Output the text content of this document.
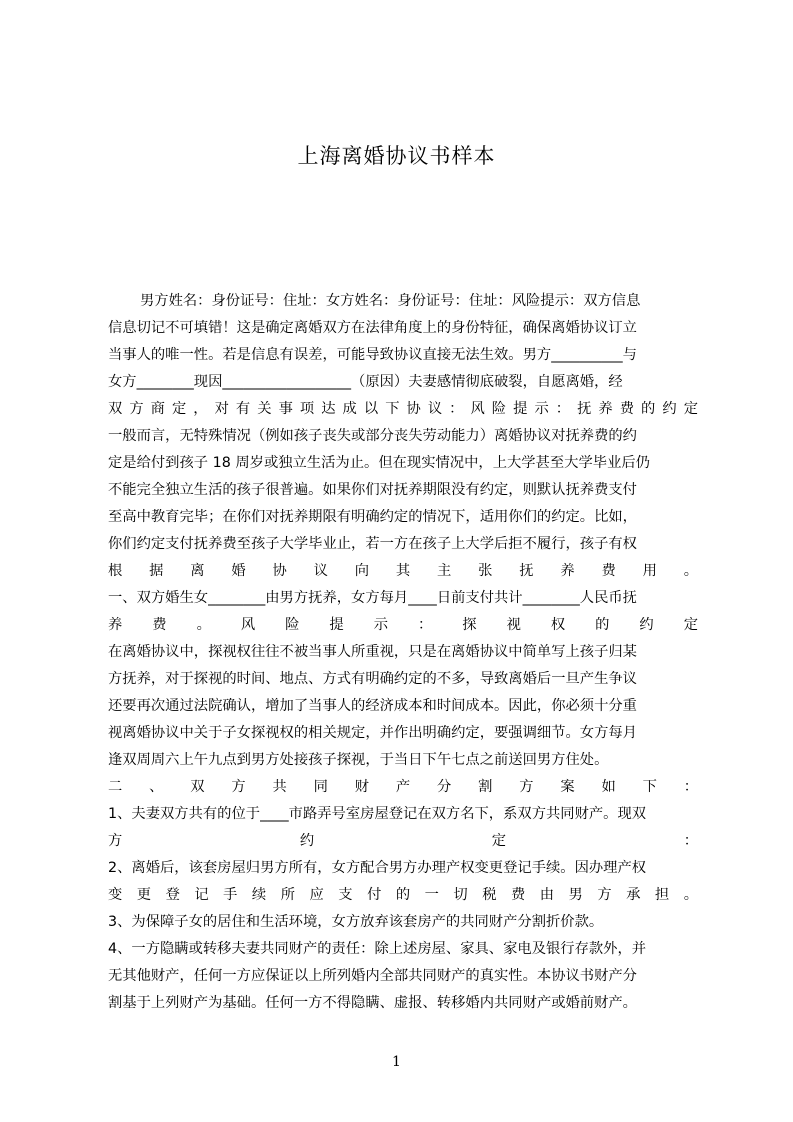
上海离婚协议书样本
男方姓名：身份证号：住址：女方姓名：身份证号：住址：风险提示：双方信息
信息切记不可填错！这是确定离婚双方在法律角度上的身份特征，确保离婚协议订立
当事人的唯一性。若是信息有误差，可能导致协议直接无法生效。男方__________与
女方________现因__________________（原因）夫妻感情彻底破裂，自愿离婚，经
双方商定，对有关事项达成以下协议：风险提示：抚养费的约定
一般而言，无特殊情况（例如孩子丧失或部分丧失劳动能力）离婚协议对抚养费的约
定是给付到孩子 18 周岁或独立生活为止。但在现实情况中，上大学甚至大学毕业后仍
不能完全独立生活的孩子很普遍。如果你们对抚养期限没有约定，则默认抚养费支付
至高中教育完毕；在你们对抚养期限有明确约定的情况下，适用你们的约定。比如，
你们约定支付抚养费至孩子大学毕业止，若一方在孩子上大学后拒不履行，孩子有权
根据离婚协议向其主张抚养费用。
一、双方婚生女________由男方抚养，女方每月____日前支付共计________人民币抚
养费。风险提示：探视权的约定
在离婚协议中，探视权往往不被当事人所重视，只是在离婚协议中简单写上孩子归某
方抚养，对于探视的时间、地点、方式有明确约定的不多，导致离婚后一旦产生争议
还要再次通过法院确认，增加了当事人的经济成本和时间成本。因此，你必须十分重
视离婚协议中关于子女探视权的相关规定，并作出明确约定，要强调细节。女方每月
逢双周周六上午九点到男方处接孩子探视，于当日下午七点之前送回男方住处。
二、双方共同财产分割方案如下：
1、夫妻双方共有的位于____市路弄号室房屋登记在双方名下，系双方共同财产。现双
方约定：
2、离婚后，该套房屋归男方所有，女方配合男方办理产权变更登记手续。因办理产权
变更登记手续所应支付的一切税费由男方承担。
3、为保障子女的居住和生活环境，女方放弃该套房产的共同财产分割折价款。
4、一方隐瞒或转移夫妻共同财产的责任：除上述房屋、家具、家电及银行存款外，并
无其他财产，任何一方应保证以上所列婚内全部共同财产的真实性。本协议书财产分
割基于上列财产为基础。任何一方不得隐瞒、虚报、转移婚内共同财产或婚前财产。
1
